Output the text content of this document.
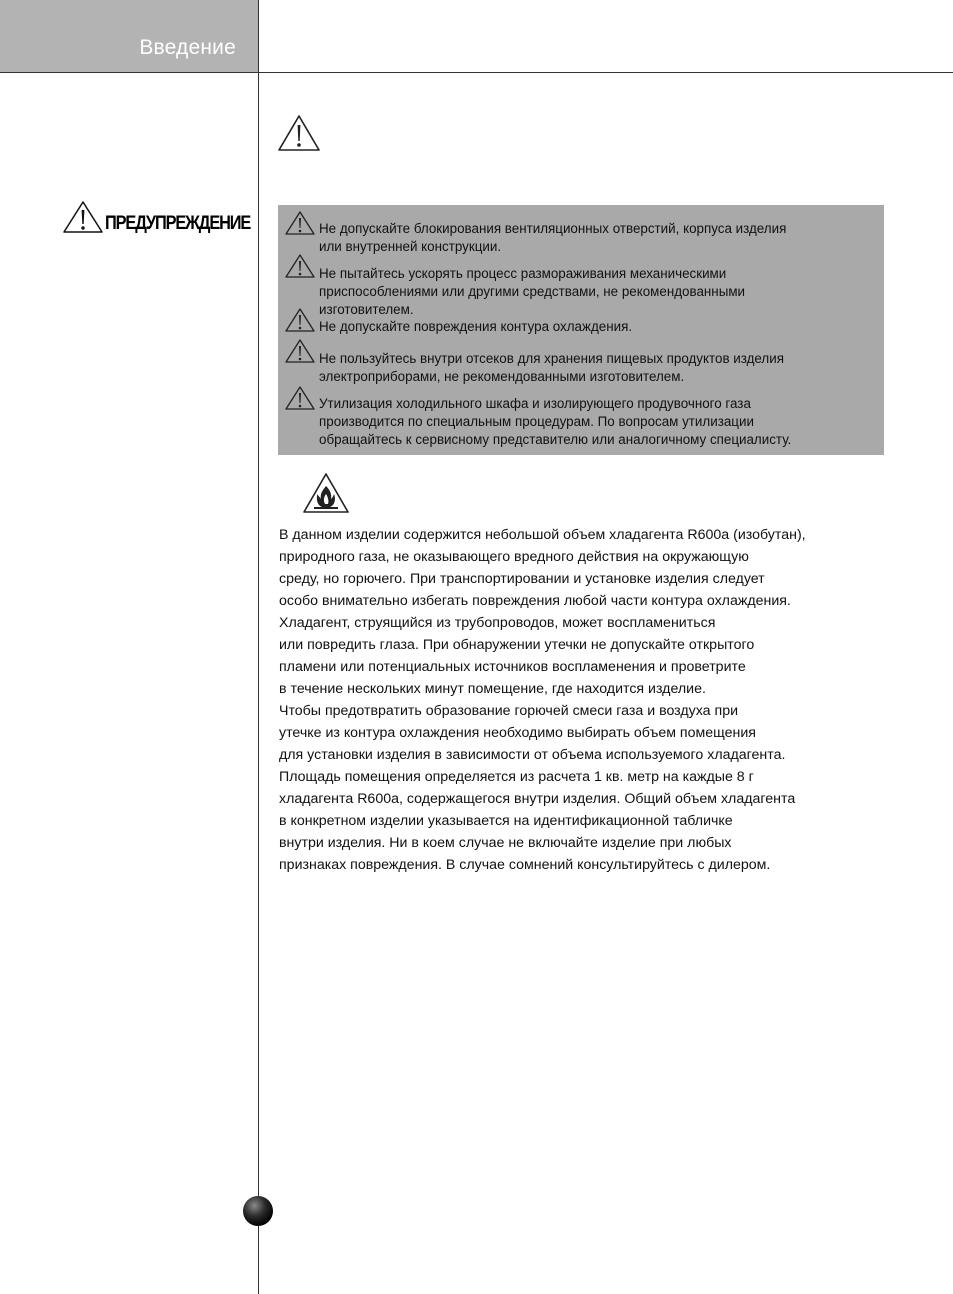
Введение
ПРЕДУПРЕЖДЕНИЕ	Не допускайте блокирования вентиляционных отверстий, корпуса изделия
или внутренней конструкции.
Не пытайтесь ускорять процесс размораживания механическими
приспособлениями или другими средствами, не рекомендованными
изготовителем.
Не допускайте повреждения контура охлаждения.
Не пользуйтесь внутри отсеков для хранения пищевых продуктов изделия
электроприборами, не рекомендованными изготовителем.
Утилизация холодильного шкафа и изолирующего продувочного газа
производится по специальным процедурам. По вопросам утилизации
обращайтесь к сервисному представителю или аналогичному специалисту.
В данном изделии содержится небольшой объем хладагента R600a (изобутан),
природного газа, не оказывающего вредного действия на окружающую
среду, но горючего. При транспортировании и установке изделия следует
особо внимательно избегать повреждения любой части контура охлаждения.
Хладагент, струящийся из трубопроводов, может воспламениться
или повредить глаза. При обнаружении утечки не допускайте открытого
пламени или потенциальных источников воспламенения и проветрите
в течение нескольких минут помещение, где находится изделие.
Чтобы предотвратить образование горючей смеси газа и воздуха при
утечке из контура охлаждения необходимо выбирать объем помещения
для установки изделия в зависимости от объема используемого хладагента.
Площадь помещения определяется из расчета 1 кв. метр на каждые 8 г
хладагента R600a, содержащегося внутри изделия. Общий объем хладагента
в конкретном изделии указывается на идентификационной табличке
внутри изделия. Ни в коем случае не включайте изделие при любых
признаках повреждения. В случае сомнений консультируйтесь с дилером.
